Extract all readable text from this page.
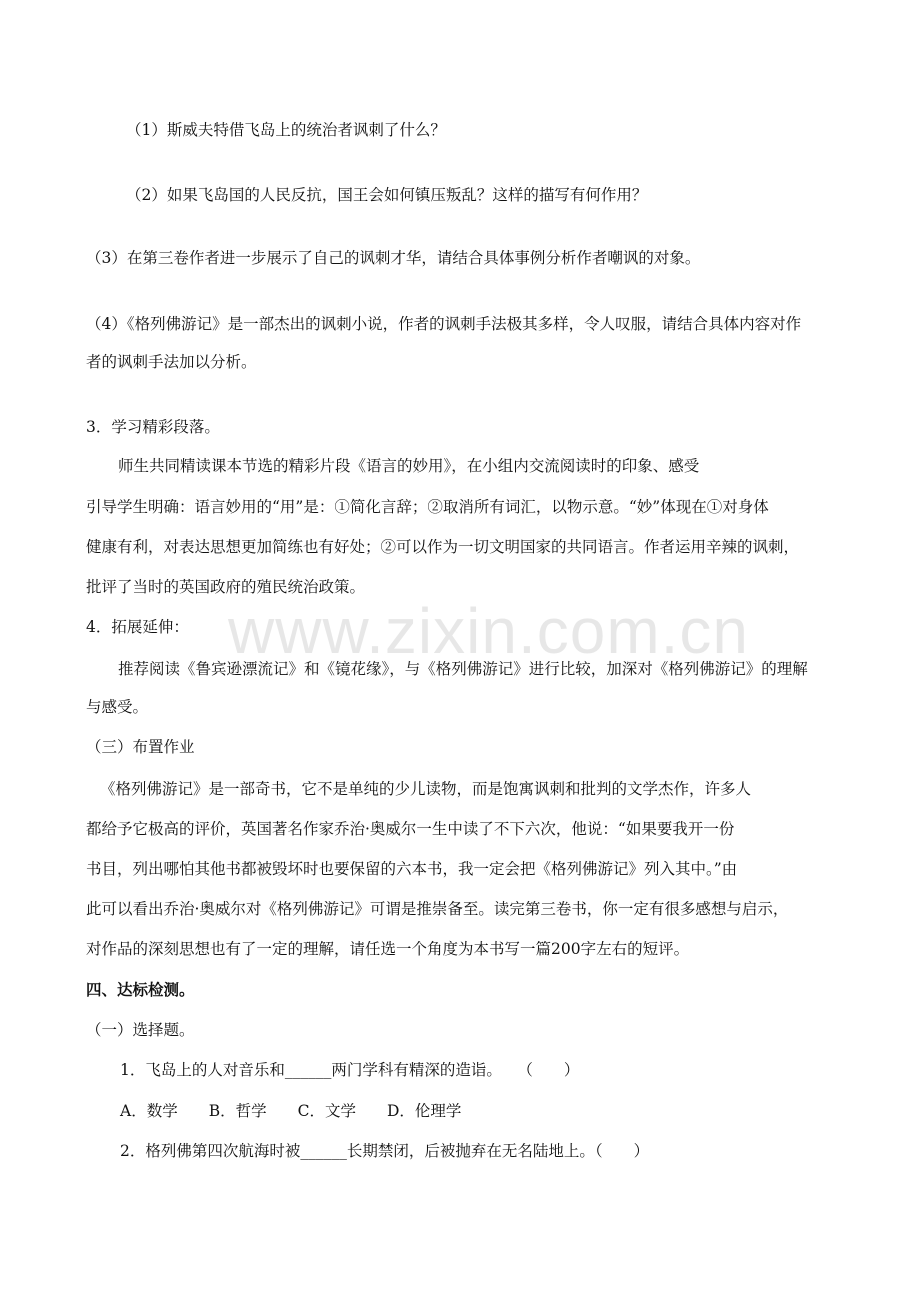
（1）斯威夫特借飞岛上的统治者讽刺了什么？
（2）如果飞岛国的人民反抗，国王会如何镇压叛乱？这样的描写有何作用？
（3）在第三卷作者进一步展示了自己的讽刺才华，请结合具体事例分析作者嘲讽的对象。
（4）《格列佛游记》是一部杰出的讽刺小说，作者的讽刺手法极其多样，令人叹服，请结合具体内容对作
者的讽刺手法加以分析。
3．学习精彩段落。
师生共同精读课本节选的精彩片段《语言的妙用》，在小组内交流阅读时的印象、感受
引导学生明确：语言妙用的“用”是：①简化言辞；②取消所有词汇，以物示意。“妙”体现在①对身体
健康有利，对表达思想更加简练也有好处；②可以作为一切文明国家的共同语言。作者运用辛辣的讽刺，
批评了当时的英国政府的殖民统治政策。
4．拓展延伸：
推荐阅读《鲁宾逊漂流记》和《镜花缘》，与《格列佛游记》进行比较，加深对《格列佛游记》的理解
与感受。
（三）布置作业
《格列佛游记》是一部奇书，它不是单纯的少儿读物，而是饱寓讽刺和批判的文学杰作，许多人
都给予它极高的评价，英国著名作家乔治·奥威尔一生中读了不下六次，他说：“如果要我开一份
书目，列出哪怕其他书都被毁坏时也要保留的六本书，我一定会把《格列佛游记》列入其中。”由
此可以看出乔治·奥威尔对《格列佛游记》可谓是推崇备至。读完第三卷书，你一定有很多感想与启示，
对作品的深刻思想也有了一定的理解，请任选一个角度为本书写一篇200字左右的短评。
四、达标检测。
（一）选择题。
1．飞岛上的人对音乐和______两门学科有精深的造诣。　　（　　）
A．数学　　B．哲学　　C．文学　　D．伦理学
2．格列佛第四次航海时被______长期禁闭，后被抛弃在无名陆地上。（　　）
www.zixin.com.cn
